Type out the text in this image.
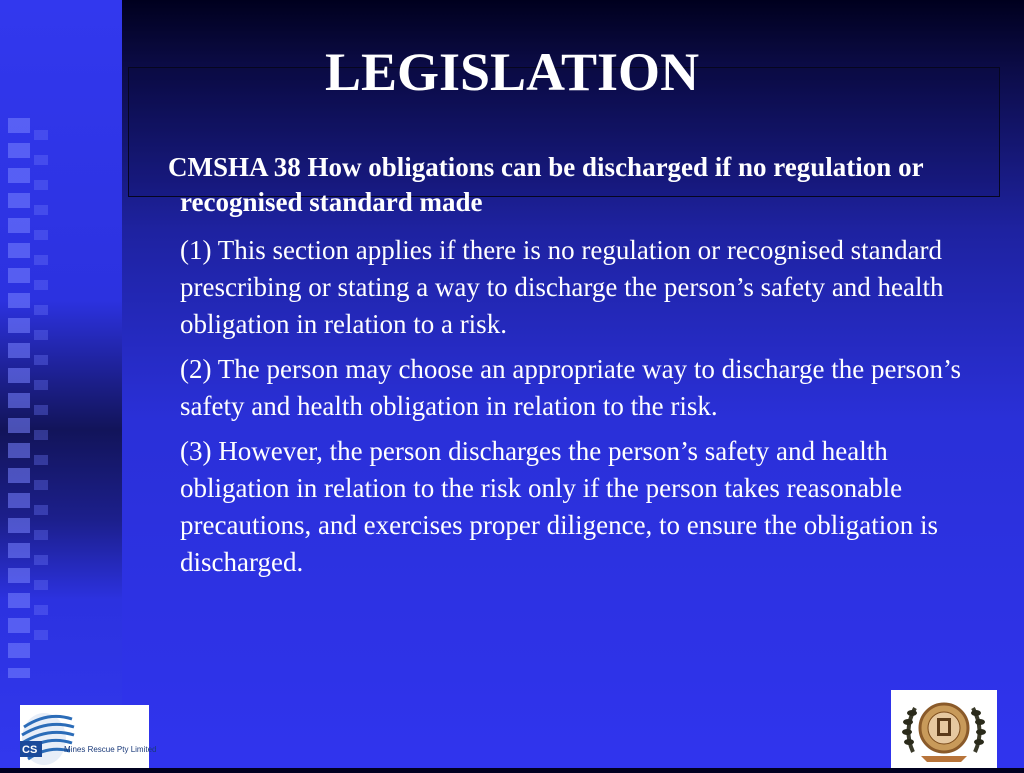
LEGISLATION

CMSHA 38 How obligations can be discharged if no regulation or recognised standard made

(1) This section applies if there is no regulation or recognised standard prescribing or stating a way to discharge the person’s safety and health obligation in relation to a risk.

(2) The person may choose an appropriate way to discharge the person’s safety and health obligation in relation to the risk.

(3) However, the person discharges the person’s safety and health obligation in relation to the risk only if the person takes reasonable precautions, and exercises proper diligence, to ensure the obligation is discharged.

CS	Mines Rescue Pty Limited
